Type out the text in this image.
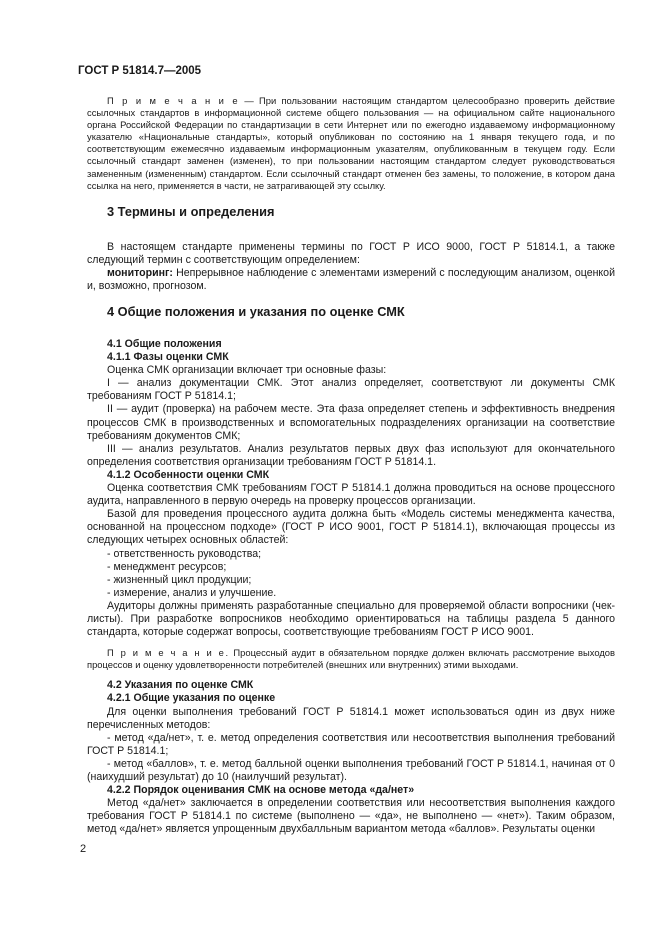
ГОСТ Р 51814.7—2005

П р и м е ч а н и е — При пользовании настоящим стандартом целесообразно проверить действие ссылочных стандартов в информационной системе общего пользования — на официальном сайте национального органа Российской Федерации по стандартизации в сети Интернет или по ежегодно издаваемому информационному указателю «Национальные стандарты», который опубликован по состоянию на 1 января текущего года, и по соответствующим ежемесячно издаваемым информационным указателям, опубликованным в текущем году. Если ссылочный стандарт заменен (изменен), то при пользовании настоящим стандартом следует руководствоваться замененным (измененным) стандартом. Если ссылочный стандарт отменен без замены, то положение, в котором дана ссылка на него, применяется в части, не затрагивающей эту ссылку.

3 Термины и определения

В настоящем стандарте применены термины по ГОСТ Р ИСО 9000, ГОСТ Р 51814.1, а также следующий термин с соответствующим определением:

мониторинг: Непрерывное наблюдение с элементами измерений с последующим анализом, оценкой и, возможно, прогнозом.

4 Общие положения и указания по оценке СМК

4.1 Общие положения

4.1.1 Фазы оценки СМК

Оценка СМК организации включает три основные фазы:

I — анализ документации СМК. Этот анализ определяет, соответствуют ли документы СМК требованиям ГОСТ Р 51814.1;

II — аудит (проверка) на рабочем месте. Эта фаза определяет степень и эффективность внедрения процессов СМК в производственных и вспомогательных подразделениях организации на соответствие требованиям документов СМК;

III — анализ результатов. Анализ результатов первых двух фаз используют для окончательного определения соответствия организации требованиям ГОСТ Р 51814.1.

4.1.2 Особенности оценки СМК

Оценка соответствия СМК требованиям ГОСТ Р 51814.1 должна проводиться на основе процессного аудита, направленного в первую очередь на проверку процессов организации.

Базой для проведения процессного аудита должна быть «Модель системы менеджмента качества, основанной на процессном подходе» (ГОСТ Р ИСО 9001, ГОСТ Р 51814.1), включающая процессы из следующих четырех основных областей:

- ответственность руководства;

- менеджмент ресурсов;

- жизненный цикл продукции;

- измерение, анализ и улучшение.

Аудиторы должны применять разработанные специально для проверяемой области вопросники (чек-листы). При разработке вопросников необходимо ориентироваться на таблицы раздела 5 данного стандарта, которые содержат вопросы, соответствующие требованиям ГОСТ Р ИСО 9001.

П р и м е ч а н и е. Процессный аудит в обязательном порядке должен включать рассмотрение выходов процессов и оценку удовлетворенности потребителей (внешних или внутренних) этими выходами.

4.2 Указания по оценке СМК

4.2.1 Общие указания по оценке

Для оценки выполнения требований ГОСТ Р 51814.1 может использоваться один из двух ниже перечисленных методов:

- метод «да/нет», т. е. метод определения соответствия или несоответствия выполнения требований ГОСТ Р 51814.1;

- метод «баллов», т. е. метод балльной оценки выполнения требований ГОСТ Р 51814.1, начиная от 0 (наихудший результат) до 10 (наилучший результат).

4.2.2 Порядок оценивания СМК на основе метода «да/нет»

Метод «да/нет» заключается в определении соответствия или несоответствия выполнения каждого требования ГОСТ Р 51814.1 по системе (выполнено — «да», не выполнено — «нет»). Таким образом, метод «да/нет» является упрощенным двухбалльным вариантом метода «баллов». Результаты оценки

2
